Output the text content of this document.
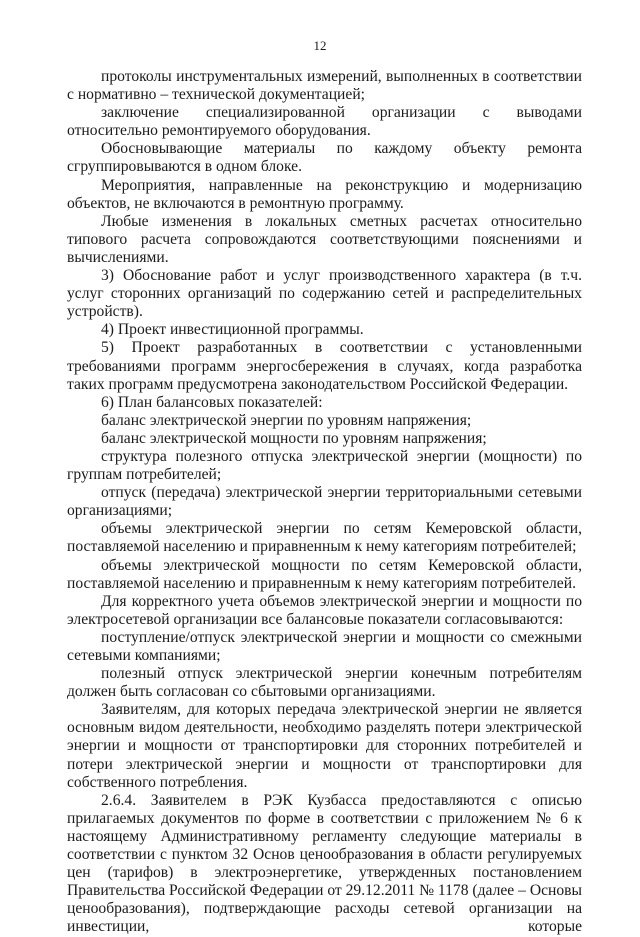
12

протоколы инструментальных измерений, выполненных в соответствии с нормативно – технической документацией;

заключение специализированной организации с выводами относительно ремонтируемого оборудования.

Обосновывающие материалы по каждому объекту ремонта сгруппировываются в одном блоке.

Мероприятия, направленные на реконструкцию и модернизацию объектов, не включаются в ремонтную программу.

Любые изменения в локальных сметных расчетах относительно типового расчета сопровождаются соответствующими пояснениями и вычислениями.

3) Обоснование работ и услуг производственного характера (в т.ч. услуг сторонних организаций по содержанию сетей и распределительных устройств).

4) Проект инвестиционной программы.

5) Проект разработанных в соответствии с установленными требованиями программ энергосбережения в случаях, когда разработка таких программ предусмотрена законодательством Российской Федерации.

6) План балансовых показателей:

баланс электрической энергии по уровням напряжения;

баланс электрической мощности по уровням напряжения;

структура полезного отпуска электрической энергии (мощности) по группам потребителей;

отпуск (передача) электрической энергии территориальными сетевыми организациями;

объемы электрической энергии по сетям Кемеровской области, поставляемой населению и приравненным к нему категориям потребителей;

объемы электрической мощности по сетям Кемеровской области, поставляемой населению и приравненным к нему категориям потребителей.

Для корректного учета объемов электрической энергии и мощности по электросетевой организации все балансовые показатели согласовываются:

поступление/отпуск электрической энергии и мощности со смежными сетевыми компаниями;

полезный отпуск электрической энергии конечным потребителям должен быть согласован со сбытовыми организациями.

Заявителям, для которых передача электрической энергии не является основным видом деятельности, необходимо разделять потери электрической энергии и мощности от транспортировки для сторонних потребителей и потери электрической энергии и мощности от транспортировки для собственного потребления.

2.6.4. Заявителем в РЭК Кузбасса предоставляются с описью прилагаемых документов по форме в соответствии с приложением № 6 к настоящему Административному регламенту следующие материалы в соответствии с пунктом 32 Основ ценообразования в области регулируемых цен (тарифов) в электроэнергетике, утвержденных постановлением Правительства Российской Федерации от 29.12.2011 № 1178 (далее – Основы ценообразования), подтверждающие расходы сетевой организации на инвестиции, которые
